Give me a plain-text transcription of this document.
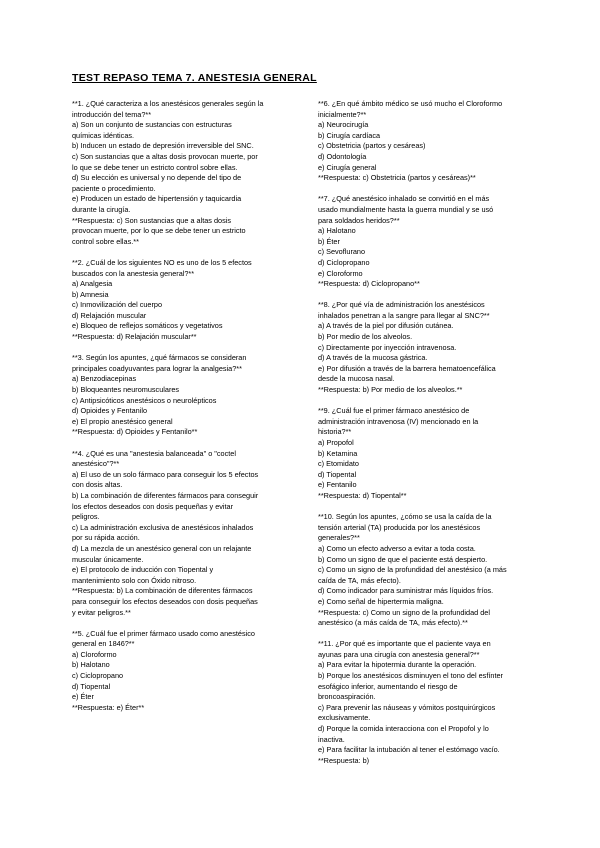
TEST REPASO TEMA 7. ANESTESIA GENERAL
**1. ¿Qué caracteriza a los anestésicos generales según la
introducción del tema?**
a) Son un conjunto de sustancias con estructuras
químicas idénticas.
b) Inducen un estado de depresión irreversible del SNC.
c) Son sustancias que a altas dosis provocan muerte, por
lo que se debe tener un estricto control sobre ellas.
d) Su elección es universal y no depende del tipo de
paciente o procedimiento.
e) Producen un estado de hipertensión y taquicardia
durante la cirugía.
**Respuesta: c) Son sustancias que a altas dosis
provocan muerte, por lo que se debe tener un estricto
control sobre ellas.**
**2. ¿Cuál de los siguientes NO es uno de los 5 efectos
buscados con la anestesia general?**
a) Analgesia
b) Amnesia
c) Inmovilización del cuerpo
d) Relajación muscular
e) Bloqueo de reflejos somáticos y vegetativos
**Respuesta: d) Relajación muscular**
**3. Según los apuntes, ¿qué fármacos se consideran
principales coadyuvantes para lograr la analgesia?**
a) Benzodiacepinas
b) Bloqueantes neuromusculares
c) Antipsicóticos anestésicos o neurolépticos
d) Opioides y Fentanilo
e) El propio anestésico general
**Respuesta: d) Opioides y Fentanilo**
**4. ¿Qué es una "anestesia balanceada" o "coctel
anestésico"?**
a) El uso de un solo fármaco para conseguir los 5 efectos
con dosis altas.
b) La combinación de diferentes fármacos para conseguir
los efectos deseados con dosis pequeñas y evitar
peligros.
c) La administración exclusiva de anestésicos inhalados
por su rápida acción.
d) La mezcla de un anestésico general con un relajante
muscular únicamente.
e) El protocolo de inducción con Tiopental y
mantenimiento solo con Óxido nitroso.
**Respuesta: b) La combinación de diferentes fármacos
para conseguir los efectos deseados con dosis pequeñas
y evitar peligros.**
**5. ¿Cuál fue el primer fármaco usado como anestésico
general en 1846?**
a) Cloroformo
b) Halotano
c) Ciclopropano
d) Tiopental
e) Éter
**Respuesta: e) Éter**
**6. ¿En qué ámbito médico se usó mucho el Cloroformo
inicialmente?**
a) Neurocirugía
b) Cirugía cardíaca
c) Obstetricia (partos y cesáreas)
d) Odontología
e) Cirugía general
**Respuesta: c) Obstetricia (partos y cesáreas)**
**7. ¿Qué anestésico inhalado se convirtió en el más
usado mundialmente hasta la guerra mundial y se usó
para soldados heridos?**
a) Halotano
b) Éter
c) Sevoflurano
d) Ciclopropano
e) Cloroformo
**Respuesta: d) Ciclopropano**
**8. ¿Por qué vía de administración los anestésicos
inhalados penetran a la sangre para llegar al SNC?**
a) A través de la piel por difusión cutánea.
b) Por medio de los alveolos.
c) Directamente por inyección intravenosa.
d) A través de la mucosa gástrica.
e) Por difusión a través de la barrera hematoencefálica
desde la mucosa nasal.
**Respuesta: b) Por medio de los alveolos.**
**9. ¿Cuál fue el primer fármaco anestésico de
administración intravenosa (IV) mencionado en la
historia?**
a) Propofol
b) Ketamina
c) Etomidato
d) Tiopental
e) Fentanilo
**Respuesta: d) Tiopental**
**10. Según los apuntes, ¿cómo se usa la caída de la
tensión arterial (TA) producida por los anestésicos
generales?**
a) Como un efecto adverso a evitar a toda costa.
b) Como un signo de que el paciente está despierto.
c) Como un signo de la profundidad del anestésico (a más
caída de TA, más efecto).
d) Como indicador para suministrar más líquidos fríos.
e) Como señal de hipertermia maligna.
**Respuesta: c) Como un signo de la profundidad del
anestésico (a más caída de TA, más efecto).**
**11. ¿Por qué es importante que el paciente vaya en
ayunas para una cirugía con anestesia general?**
a) Para evitar la hipotermia durante la operación.
b) Porque los anestésicos disminuyen el tono del esfínter
esofágico inferior, aumentando el riesgo de
broncoaspiración.
c) Para prevenir las náuseas y vómitos postquirúrgicos
exclusivamente.
d) Porque la comida interacciona con el Propofol y lo
inactiva.
e) Para facilitar la intubación al tener el estómago vacío.
**Respuesta: b)
